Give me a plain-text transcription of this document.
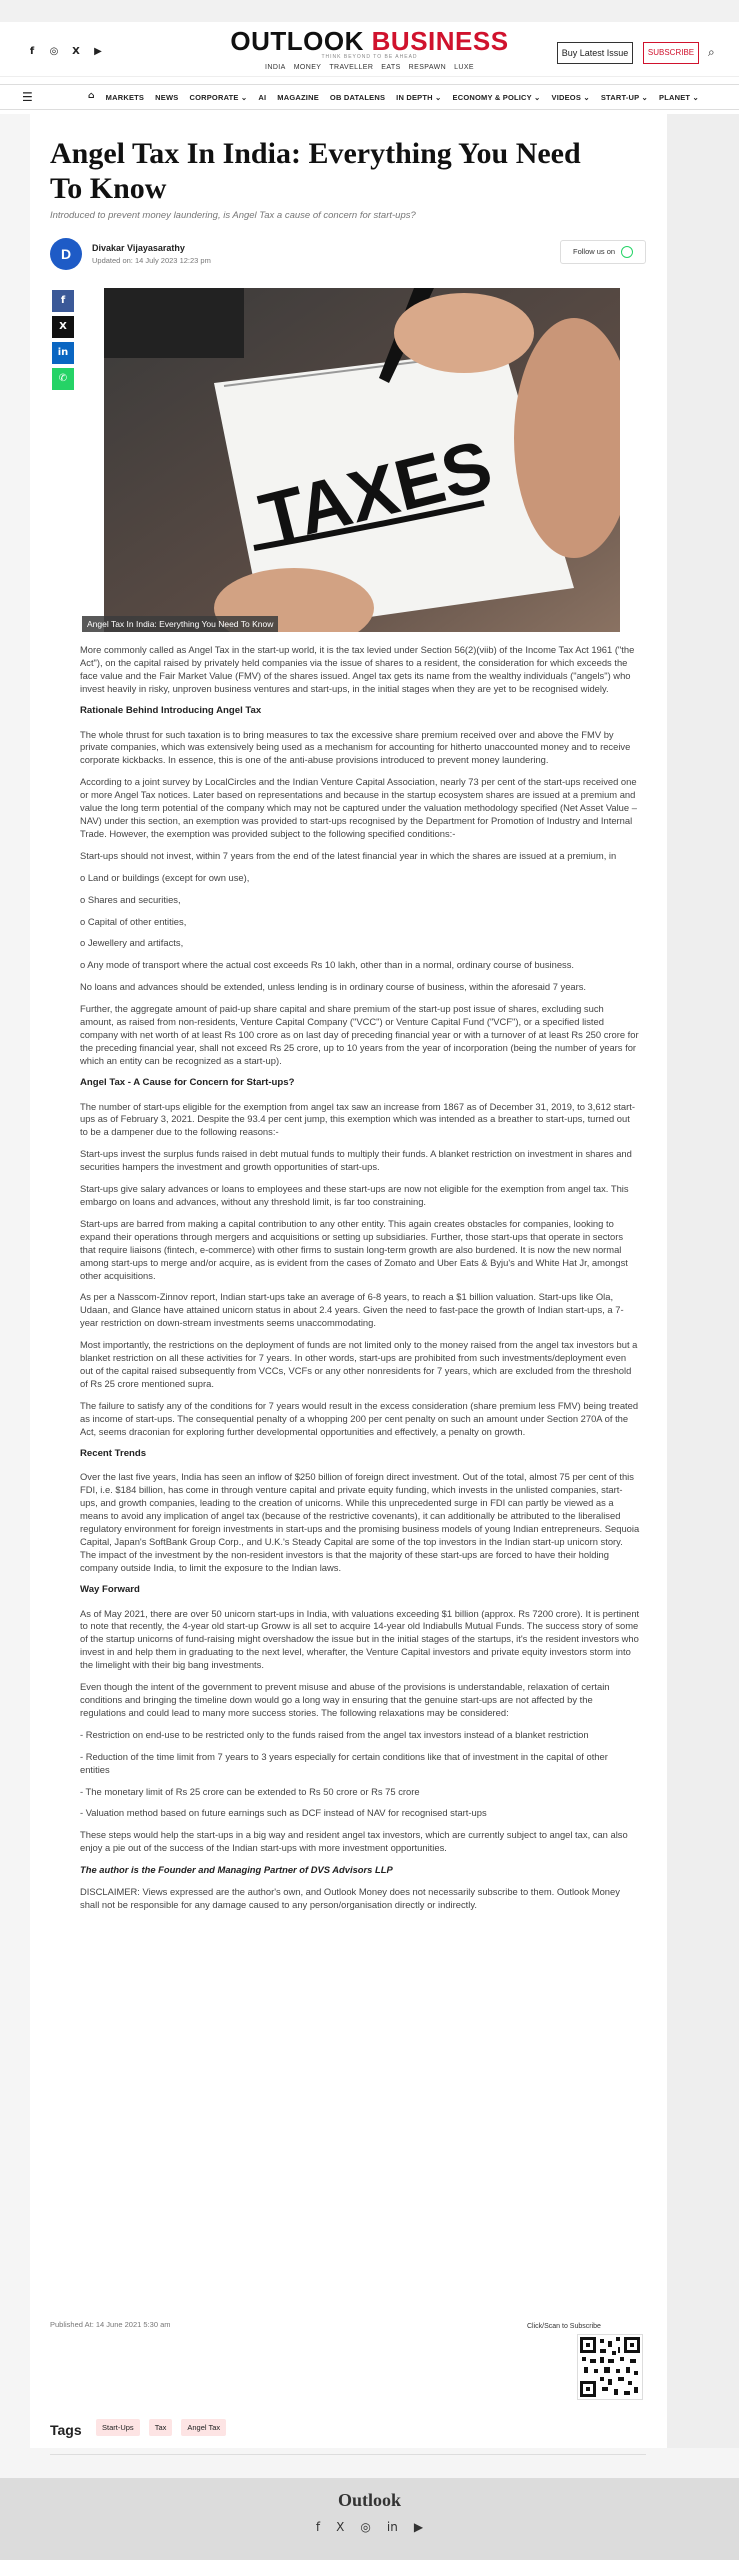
f	◎ X ▶	OUTLOOK BUSINESS
THINK BEYOND TO BE AHEAD
INDIA MONEY TRAVELLER EATS RESPAWN LUXE
Buy Latest Issue	SUBSCRIBE	⌕
☰	⌂ MARKETS NEWS CORPORATE ⌄ AI MAGAZINE OB DATALENS IN DEPTH ⌄ ECONOMY & POLICY ⌄ VIDEOS ⌄ START-UP ⌄ PLANET ⌄
Angel Tax In India: Everything You Need To Know
Introduced to prevent money laundering, is Angel Tax a cause of concern for start-ups?
D	Divakar Vijayasarathy
Updated on: 14 July 2023 12:23 pm
Follow us on
f
X
in
✆
TAXES
Angel Tax In India: Everything You Need To Know

More commonly called as Angel Tax in the start-up world, it is the tax levied under Section 56(2)(viib) of the Income Tax Act 1961 ("the Act"), on the capital raised by privately held companies via the issue of shares to a resident, the consideration for which exceeds the face value and the Fair Market Value (FMV) of the shares issued. Angel tax gets its name from the wealthy individuals ("angels") who invest heavily in risky, unproven business ventures and start-ups, in the initial stages when they are yet to be recognised widely.

Rationale Behind Introducing Angel Tax

The whole thrust for such taxation is to bring measures to tax the excessive share premium received over and above the FMV by private companies, which was extensively being used as a mechanism for accounting for hitherto unaccounted money and to receive corporate kickbacks. In essence, this is one of the anti-abuse provisions introduced to prevent money laundering.

According to a joint survey by LocalCircles and the Indian Venture Capital Association, nearly 73 per cent of the start-ups received one or more Angel Tax notices. Later based on representations and because in the startup ecosystem shares are issued at a premium and value the long term potential of the company which may not be captured under the valuation methodology specified (Net Asset Value – NAV) under this section, an exemption was provided to start-ups recognised by the Department for Promotion of Industry and Internal Trade. However, the exemption was provided subject to the following specified conditions:-

Start-ups should not invest, within 7 years from the end of the latest financial year in which the shares are issued at a premium, in

o Land or buildings (except for own use),

o Shares and securities,

o Capital of other entities,

o Jewellery and artifacts,

o Any mode of transport where the actual cost exceeds Rs 10 lakh, other than in a normal, ordinary course of business.

No loans and advances should be extended, unless lending is in ordinary course of business, within the aforesaid 7 years.

Further, the aggregate amount of paid-up share capital and share premium of the start-up post issue of shares, excluding such amount, as raised from non-residents, Venture Capital Company ("VCC") or Venture Capital Fund ("VCF"), or a specified listed company with net worth of at least Rs 100 crore as on last day of preceding financial year or with a turnover of at least Rs 250 crore for the preceding financial year, shall not exceed Rs 25 crore, up to 10 years from the year of incorporation (being the number of years for which an entity can be recognized as a start-up).

Angel Tax - A Cause for Concern for Start-ups?

The number of start-ups eligible for the exemption from angel tax saw an increase from 1867 as of December 31, 2019, to 3,612 start-ups as of February 3, 2021. Despite the 93.4 per cent jump, this exemption which was intended as a breather to start-ups, turned out to be a dampener due to the following reasons:-

Start-ups invest the surplus funds raised in debt mutual funds to multiply their funds. A blanket restriction on investment in shares and securities hampers the investment and growth opportunities of start-ups.

Start-ups give salary advances or loans to employees and these start-ups are now not eligible for the exemption from angel tax. This embargo on loans and advances, without any threshold limit, is far too constraining.

Start-ups are barred from making a capital contribution to any other entity. This again creates obstacles for companies, looking to expand their operations through mergers and acquisitions or setting up subsidiaries. Further, those start-ups that operate in sectors that require liaisons (fintech, e-commerce) with other firms to sustain long-term growth are also burdened. It is now the new normal among start-ups to merge and/or acquire, as is evident from the cases of Zomato and Uber Eats & Byju's and White Hat Jr, amongst other acquisitions.

As per a Nasscom-Zinnov report, Indian start-ups take an average of 6-8 years, to reach a $1 billion valuation. Start-ups like Ola, Udaan, and Glance have attained unicorn status in about 2.4 years. Given the need to fast-pace the growth of Indian start-ups, a 7-year restriction on down-stream investments seems unaccommodating.

Most importantly, the restrictions on the deployment of funds are not limited only to the money raised from the angel tax investors but a blanket restriction on all these activities for 7 years. In other words, start-ups are prohibited from such investments/deployment even out of the capital raised subsequently from VCCs, VCFs or any other nonresidents for 7 years, which are excluded from the threshold of Rs 25 crore mentioned supra.

The failure to satisfy any of the conditions for 7 years would result in the excess consideration (share premium less FMV) being treated as income of start-ups. The consequential penalty of a whopping 200 per cent penalty on such an amount under Section 270A of the Act, seems draconian for exploring further developmental opportunities and effectively, a penalty on growth.

Recent Trends

Over the last five years, India has seen an inflow of $250 billion of foreign direct investment. Out of the total, almost 75 per cent of this FDI, i.e. $184 billion, has come in through venture capital and private equity funding, which invests in the unlisted companies, start-ups, and growth companies, leading to the creation of unicorns. While this unprecedented surge in FDI can partly be viewed as a means to avoid any implication of angel tax (because of the restrictive covenants), it can additionally be attributed to the liberalised regulatory environment for foreign investments in start-ups and the promising business models of young Indian entrepreneurs. Sequoia Capital, Japan's SoftBank Group Corp., and U.K.'s Steady Capital are some of the top investors in the Indian start-up unicorn story. The impact of the investment by the non-resident investors is that the majority of these start-ups are forced to have their holding company outside India, to limit the exposure to the Indian laws.

Way Forward

As of May 2021, there are over 50 unicorn start-ups in India, with valuations exceeding $1 billion (approx. Rs 7200 crore). It is pertinent to note that recently, the 4-year old start-up Groww is all set to acquire 14-year old Indiabulls Mutual Funds. The success story of some of the startup unicorns of fund-raising might overshadow the issue but in the initial stages of the startups, it's the resident investors who invest in and help them in graduating to the next level, wherafter, the Venture Capital investors and private equity investors storm into the limelight with their big bang investments.

Even though the intent of the government to prevent misuse and abuse of the provisions is understandable, relaxation of certain conditions and bringing the timeline down would go a long way in ensuring that the genuine start-ups are not affected by the regulations and could lead to many more success stories. The following relaxations may be considered:

- Restriction on end-use to be restricted only to the funds raised from the angel tax investors instead of a blanket restriction

- Reduction of the time limit from 7 years to 3 years especially for certain conditions like that of investment in the capital of other entities

- The monetary limit of Rs 25 crore can be extended to Rs 50 crore or Rs 75 crore

- Valuation method based on future earnings such as DCF instead of NAV for recognised start-ups

These steps would help the start-ups in a big way and resident angel tax investors, which are currently subject to angel tax, can also enjoy a pie out of the success of the Indian start-ups with more investment opportunities.

The author is the Founder and Managing Partner of DVS Advisors LLP

DISCLAIMER: Views expressed are the author's own, and Outlook Money does not necessarily subscribe to them. Outlook Money shall not be responsible for any damage caused to any person/organisation directly or indirectly.

Published At: 14 June 2021 5:30 am	Click/Scan to Subscribe
Tags	Start-Ups	Tax	Angel Tax
Outlook
f X ◎ in ▶
